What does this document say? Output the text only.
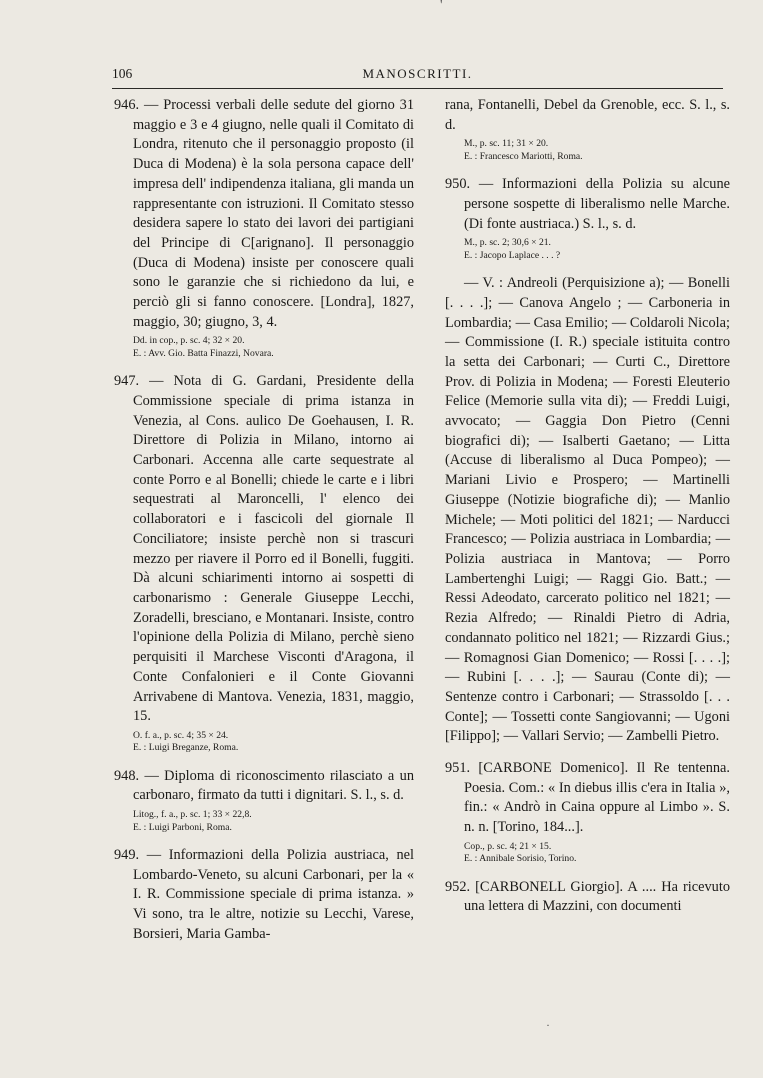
'
106	MANOSCRITTI.

946. — Processi verbali delle sedute del giorno 31 maggio e 3 e 4 giugno, nelle quali il Comitato di Londra, ritenuto che il personaggio proposto (il Duca di Modena) è la sola persona capace dell' impresa dell' indipendenza italiana, gli manda un rappresentante con istruzioni. Il Comitato stesso desidera sapere lo stato dei lavori dei partigiani del Principe di C[arignano]. Il personaggio (Duca di Modena) insiste per conoscere quali sono le garanzie che si richiedono da lui, e perciò gli si fanno conoscere. [Londra], 1827, maggio, 30; giugno, 3, 4.

Dd. in cop., p. sc. 4; 32 × 20.
E. : Avv. Gio. Batta Finazzi, Novara.

947. — Nota di G. Gardani, Presidente della Commissione speciale di prima istanza in Venezia, al Cons. aulico De Goehausen, I. R. Direttore di Polizia in Milano, intorno ai Carbonari. Accenna alle carte sequestrate al conte Porro e al Bonelli; chiede le carte e i libri sequestrati al Maroncelli, l' elenco dei collaboratori e i fascicoli del giornale Il Conciliatore; insiste perchè non si trascuri mezzo per riavere il Porro ed il Bonelli, fuggiti. Dà alcuni schiarimenti intorno ai sospetti di carbonarismo : Generale Giuseppe Lecchi, Zoradelli, bresciano, e Montanari. Insiste, contro l'opinione della Polizia di Milano, perchè sieno perquisiti il Marchese Visconti d'Aragona, il Conte Confalonieri e il Conte Giovanni Arrivabene di Mantova. Venezia, 1831, maggio, 15.

O. f. a., p. sc. 4; 35 × 24.
E. : Luigi Breganze, Roma.

948. — Diploma di riconoscimento rilasciato a un carbonaro, firmato da tutti i dignitari. S. l., s. d.

Litog., f. a., p. sc. 1; 33 × 22,8.
E. : Luigi Parboni, Roma.

949. — Informazioni della Polizia austriaca, nel Lombardo-Veneto, su alcuni Carbonari, per la « I. R. Commissione speciale di prima istanza. » Vi sono, tra le altre, notizie su Lecchi, Varese, Borsieri, Maria Gamba-

rana, Fontanelli, Debel da Grenoble, ecc. S. l., s. d.

M., p. sc. 11; 31 × 20.
E. : Francesco Mariotti, Roma.

950. — Informazioni della Polizia su alcune persone sospette di liberalismo nelle Marche. (Di fonte austriaca.) S. l., s. d.

M., p. sc. 2; 30,6 × 21.
E. : Jacopo Laplace . . . ?

— V. : Andreoli (Perquisizione a); — Bonelli [. . . .]; — Canova Angelo ; — Carboneria in Lombardia; — Casa Emilio; — Coldaroli Nicola; — Commissione (I. R.) speciale istituita contro la setta dei Carbonari; — Curti C., Direttore Prov. di Polizia in Modena; — Foresti Eleuterio Felice (Memorie sulla vita di); — Freddi Luigi, avvocato; — Gaggia Don Pietro (Cenni biografici di); — Isalberti Gaetano; — Litta (Accuse di liberalismo al Duca Pompeo); — Mariani Livio e Prospero; — Martinelli Giuseppe (Notizie biografiche di); — Manlio Michele; — Moti politici del 1821; — Narducci Francesco; — Polizia austriaca in Lombardia; — Polizia austriaca in Mantova; — Porro Lambertenghi Luigi; — Raggi Gio. Batt.; — Ressi Adeodato, carcerato politico nel 1821; — Rezia Alfredo; — Rinaldi Pietro di Adria, condannato politico nel 1821; — Rizzardi Gius.; — Romagnosi Gian Domenico; — Rossi [. . . .]; — Rubini [. . . .]; — Saurau (Conte di); — Sentenze contro i Carbonari; — Strassoldo [. . . Conte]; — Tossetti conte Sangiovanni; — Ugoni [Filippo]; — Vallari Servio; — Zambelli Pietro.

951. [CARBONE Domenico]. Il Re tentenna. Poesia. Com.: « In diebus illis c'era in Italia », fin.: « Andrò in Caina oppure al Limbo ». S. n. n. [Torino, 184...].

Cop., p. sc. 4; 21 × 15.
E. : Annibale Sorisio, Torino.

952. [CARBONELL Giorgio]. A .... Ha ricevuto una lettera di Mazzini, con documenti

·
